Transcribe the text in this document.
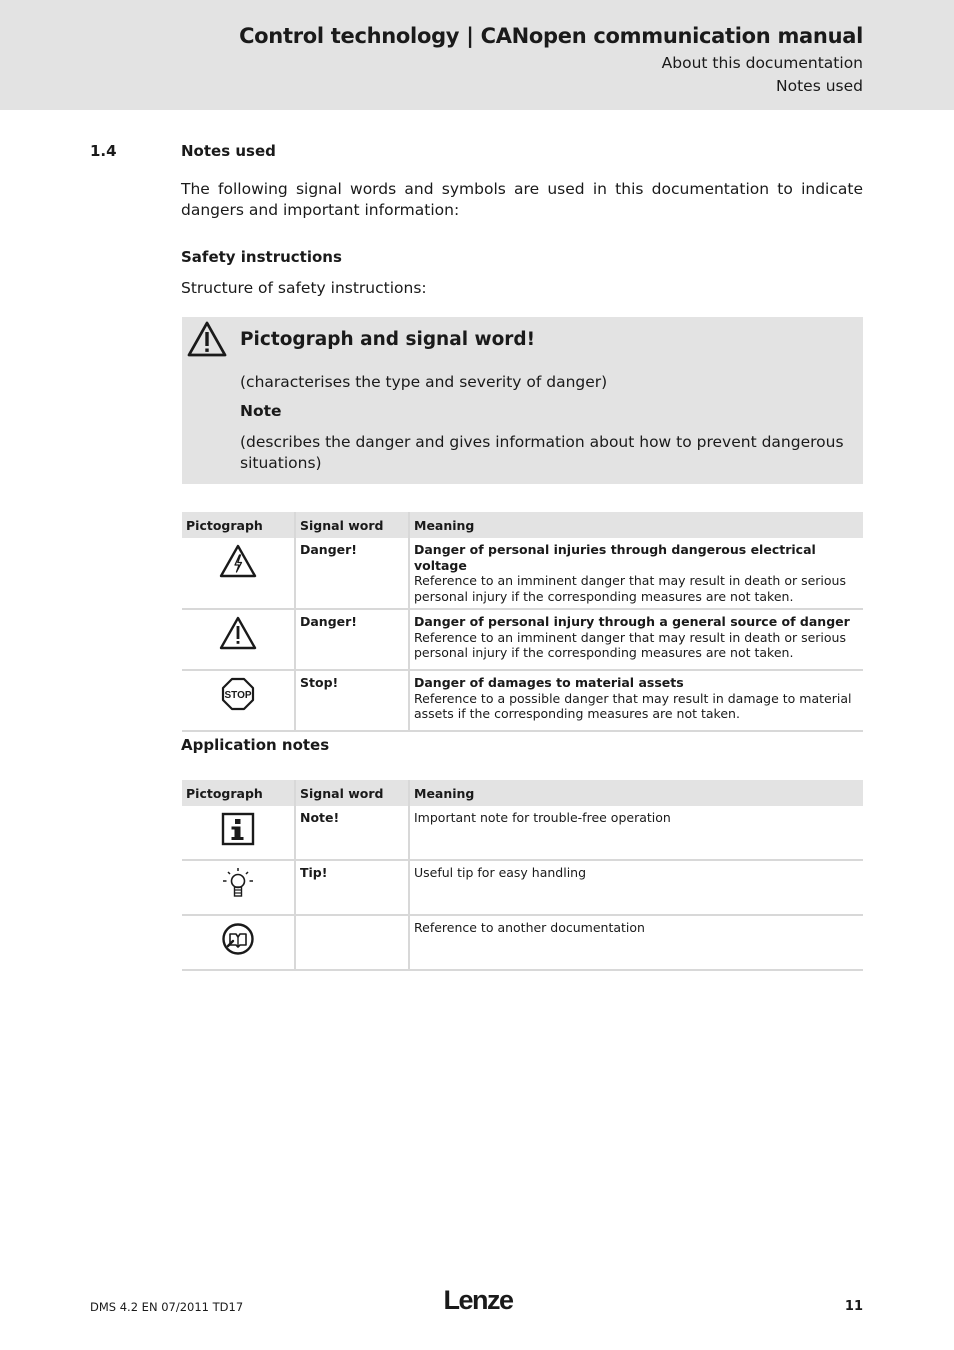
Control technology | CANopen communication manual
About this documentation
Notes used
1.4	Notes used

The following signal words and symbols are used in this documentation to indicate dangers and important information:

Safety instructions
Structure of safety instructions:
Pictograph and signal word!
(characterises the type and severity of danger)
Note
(describes the danger and gives information about how to prevent dangerous situations)
Pictograph	Signal word	Meaning
	Danger!	Danger of personal injuries through dangerous electrical voltage
Reference to an imminent danger that may result in death or serious personal injury if the corresponding measures are not taken.

	Danger!	Danger of personal injury through a general source of danger
Reference to an imminent danger that may result in death or serious personal injury if the corresponding measures are not taken.

STOP	Stop!	Danger of damages to material assets
Reference to a possible danger that may result in damage to material assets if the corresponding measures are not taken.
Application notes
Pictograph	Signal word	Meaning
	Note!	Important note for trouble-free operation
	Tip!	Useful tip for easy handling
		Reference to another documentation
DMS 4.2 EN 07/2011 TD17	Lenze	11
